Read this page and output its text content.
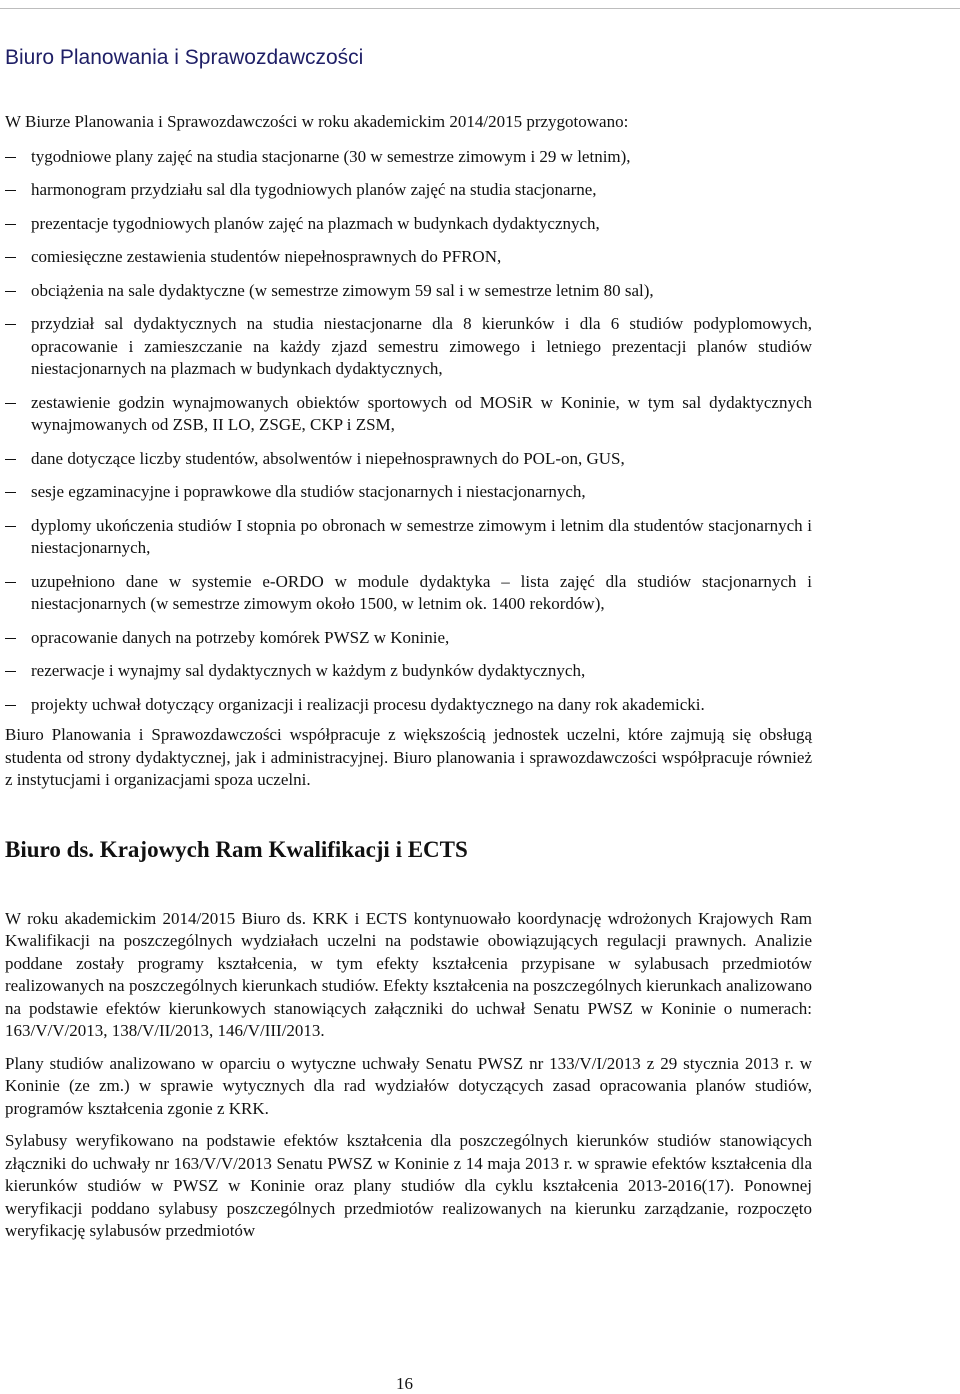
Biuro Planowania i Sprawozdawczości

W Biurze Planowania i Sprawozdawczości w roku akademickim 2014/2015 przygotowano:

tygodniowe plany zajęć na studia stacjonarne (30 w semestrze zimowym i 29 w letnim),
harmonogram przydziału sal dla tygodniowych planów zajęć na studia stacjonarne,
prezentacje tygodniowych planów zajęć na plazmach w budynkach dydaktycznych,
comiesięczne zestawienia studentów niepełnosprawnych do PFRON,
obciążenia na sale dydaktyczne (w semestrze zimowym 59 sal i w semestrze letnim 80 sal),
przydział sal dydaktycznych na studia niestacjonarne dla 8 kierunków i dla 6 studiów podyplomowych, opracowanie i zamieszczanie na każdy zjazd semestru zimowego i letniego prezentacji planów studiów niestacjonarnych na plazmach w budynkach dydaktycznych,
zestawienie godzin wynajmowanych obiektów sportowych od MOSiR w Koninie, w tym sal dydaktycznych wynajmowanych od ZSB, II LO, ZSGE, CKP i ZSM,
dane dotyczące liczby studentów, absolwentów i niepełnosprawnych do POL-on, GUS,
sesje egzaminacyjne i poprawkowe dla studiów stacjonarnych i niestacjonarnych,
dyplomy ukończenia studiów I stopnia po obronach w semestrze zimowym i letnim dla studentów stacjonarnych i niestacjonarnych,
uzupełniono dane w systemie e-ORDO w module dydaktyka – lista zajęć dla studiów stacjonarnych i niestacjonarnych (w semestrze zimowym około 1500, w letnim ok. 1400 rekordów),
opracowanie danych na potrzeby komórek PWSZ w Koninie,
rezerwacje i wynajmy sal dydaktycznych w każdym z budynków dydaktycznych,
projekty uchwał dotyczący organizacji i realizacji procesu dydaktycznego na dany rok akademicki.

Biuro Planowania i Sprawozdawczości współpracuje z większością jednostek uczelni, które zajmują się obsługą studenta od strony dydaktycznej, jak i administracyjnej. Biuro planowania i sprawozdawczości współpracuje również z instytucjami i organizacjami spoza uczelni.

Biuro ds. Krajowych Ram Kwalifikacji i ECTS

W roku akademickim 2014/2015 Biuro ds. KRK i ECTS kontynuowało koordynację wdrożonych Krajowych Ram Kwalifikacji na poszczególnych wydziałach uczelni na podstawie obowiązujących regulacji prawnych. Analizie poddane zostały programy kształcenia, w tym efekty kształcenia przypisane w sylabusach przedmiotów realizowanych na poszczególnych kierunkach studiów. Efekty kształcenia na poszczególnych kierunkach analizowano na podstawie efektów kierunkowych stanowiących załączniki do uchwał Senatu PWSZ w Koninie o numerach: 163/V/V/2013, 138/V/II/2013, 146/V/III/2013.

Plany studiów analizowano w oparciu o wytyczne uchwały Senatu PWSZ nr 133/V/I/2013 z 29 stycznia 2013 r. w Koninie (ze zm.) w sprawie wytycznych dla rad wydziałów dotyczących zasad opracowania planów studiów, programów kształcenia zgonie z KRK.

Sylabusy weryfikowano na podstawie efektów kształcenia dla poszczególnych kierunków studiów stanowiących złączniki do uchwały nr 163/V/V/2013 Senatu PWSZ w Koninie z 14 maja 2013 r. w sprawie efektów kształcenia dla kierunków studiów w PWSZ w Koninie oraz plany studiów dla cyklu kształcenia 2013-2016(17). Ponownej weryfikacji poddano sylabusy poszczególnych przedmiotów realizowanych na kierunku zarządzanie, rozpoczęto weryfikację sylabusów przedmiotów

16
